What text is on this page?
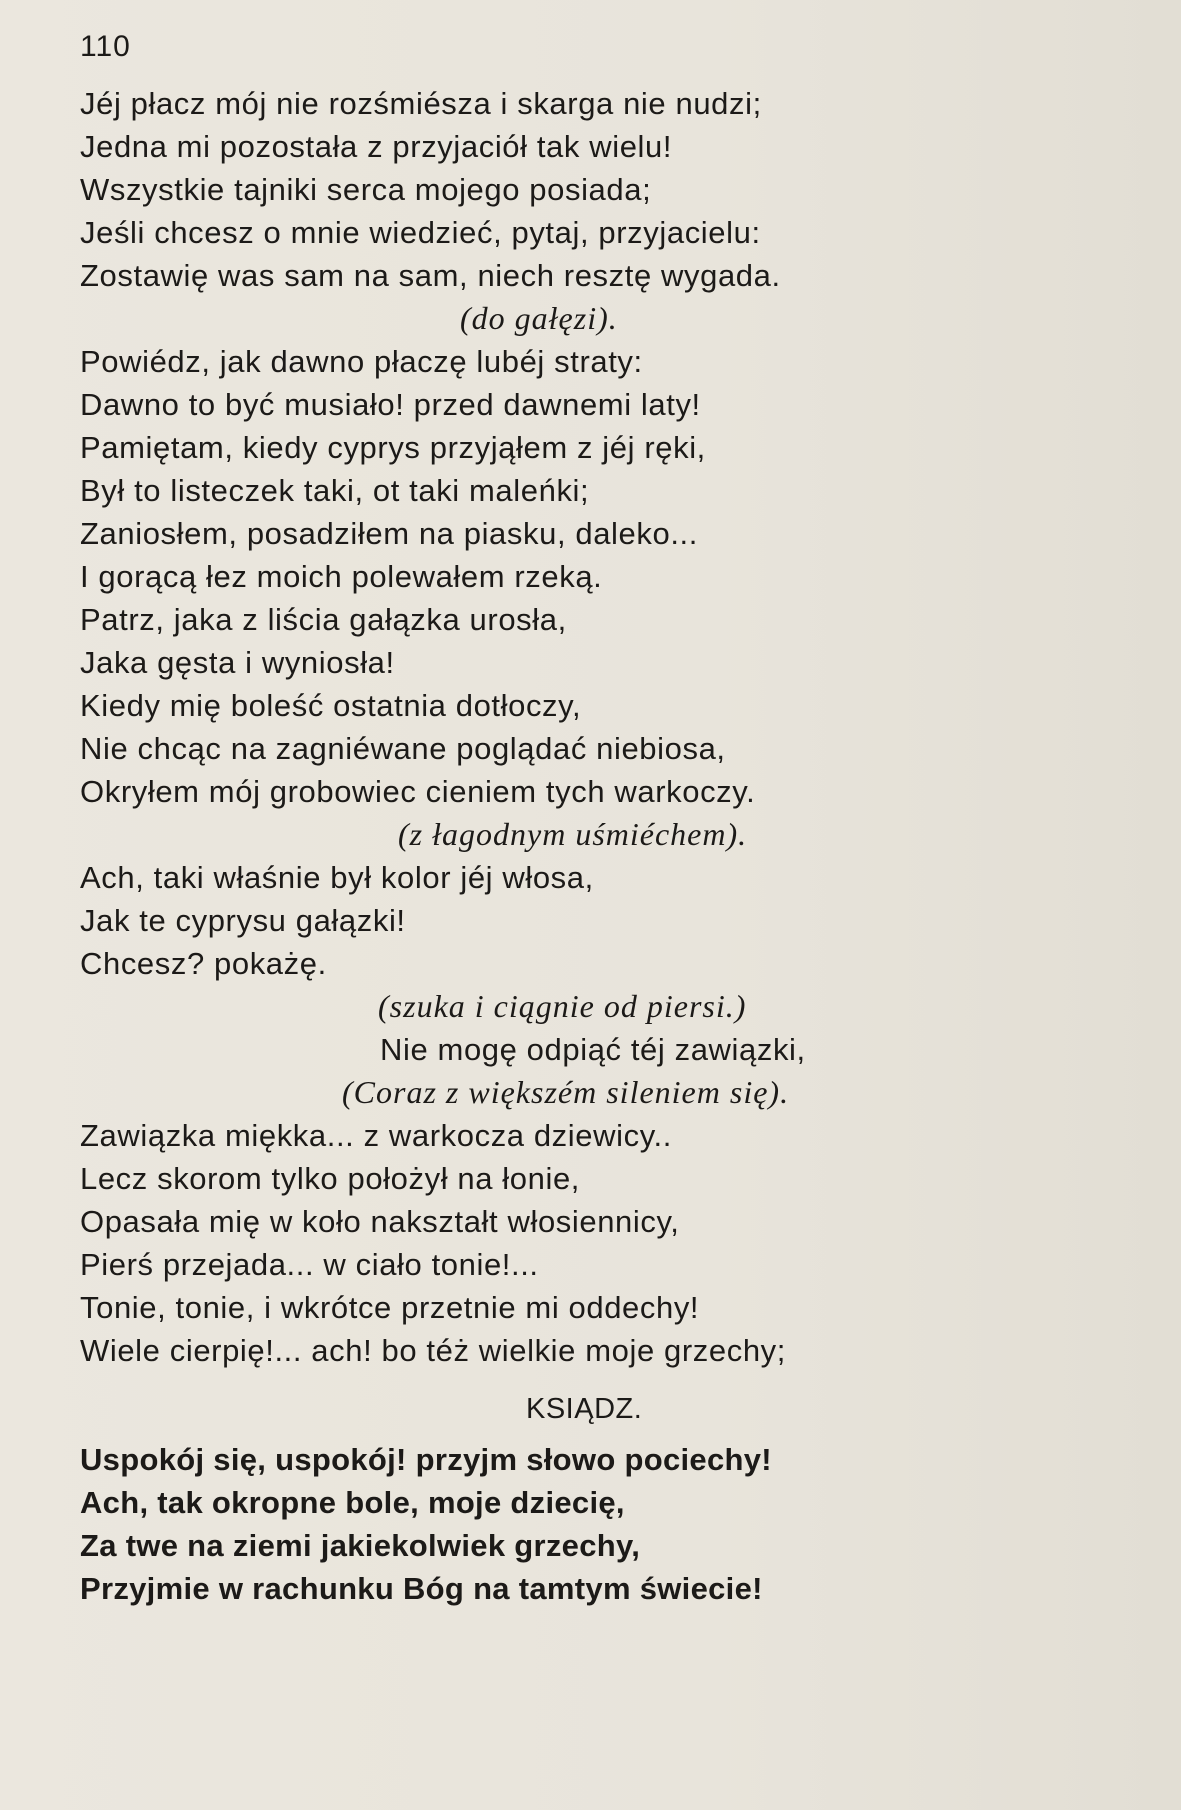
110
Jéj płacz mój nie rozśmiésza i skarga nie nudzi;
Jedna mi pozostała z przyjaciół tak wielu!
Wszystkie tajniki serca mojego posiada;
Jeśli chcesz o mnie wiedzieć, pytaj, przyjacielu:
Zostawię was sam na sam, niech resztę wygada.
(do gałęzi).
Powiédz, jak dawno płaczę lubéj straty:
Dawno to być musiało! przed dawnemi laty!
Pamiętam, kiedy cyprys przyjąłem z jéj ręki,
Był to listeczek taki, ot taki maleńki;
Zaniosłem, posadziłem na piasku, daleko...
I gorącą łez moich polewałem rzeką.
Patrz, jaka z liścia gałązka urosła,
Jaka gęsta i wyniosła!
Kiedy mię boleść ostatnia dotłoczy,
Nie chcąc na zagniéwane poglądać niebiosa,
Okryłem mój grobowiec cieniem tych warkoczy.
(z łagodnym uśmiéchem).
Ach, taki właśnie był kolor jéj włosa,
Jak te cyprysu gałązki!
Chcesz? pokażę.
(szuka i ciągnie od piersi.)
Nie mogę odpiąć téj zawiązki,
(Coraz z większém sileniem się).
Zawiązka miękka... z warkocza dziewicy..
Lecz skorom tylko położył na łonie,
Opasała mię w koło nakształt włosiennicy,
Pierś przejada... w ciało tonie!...
Tonie, tonie, i wkrótce przetnie mi oddechy!
Wiele cierpię!... ach! bo téż wielkie moje grzechy;
KSIĄDZ.
Uspokój się, uspokój! przyjm słowo pociechy!
Ach, tak okropne bole, moje dziecię,
Za twe na ziemi jakiekolwiek grzechy,
Przyjmie w rachunku Bóg na tamtym świecie!
